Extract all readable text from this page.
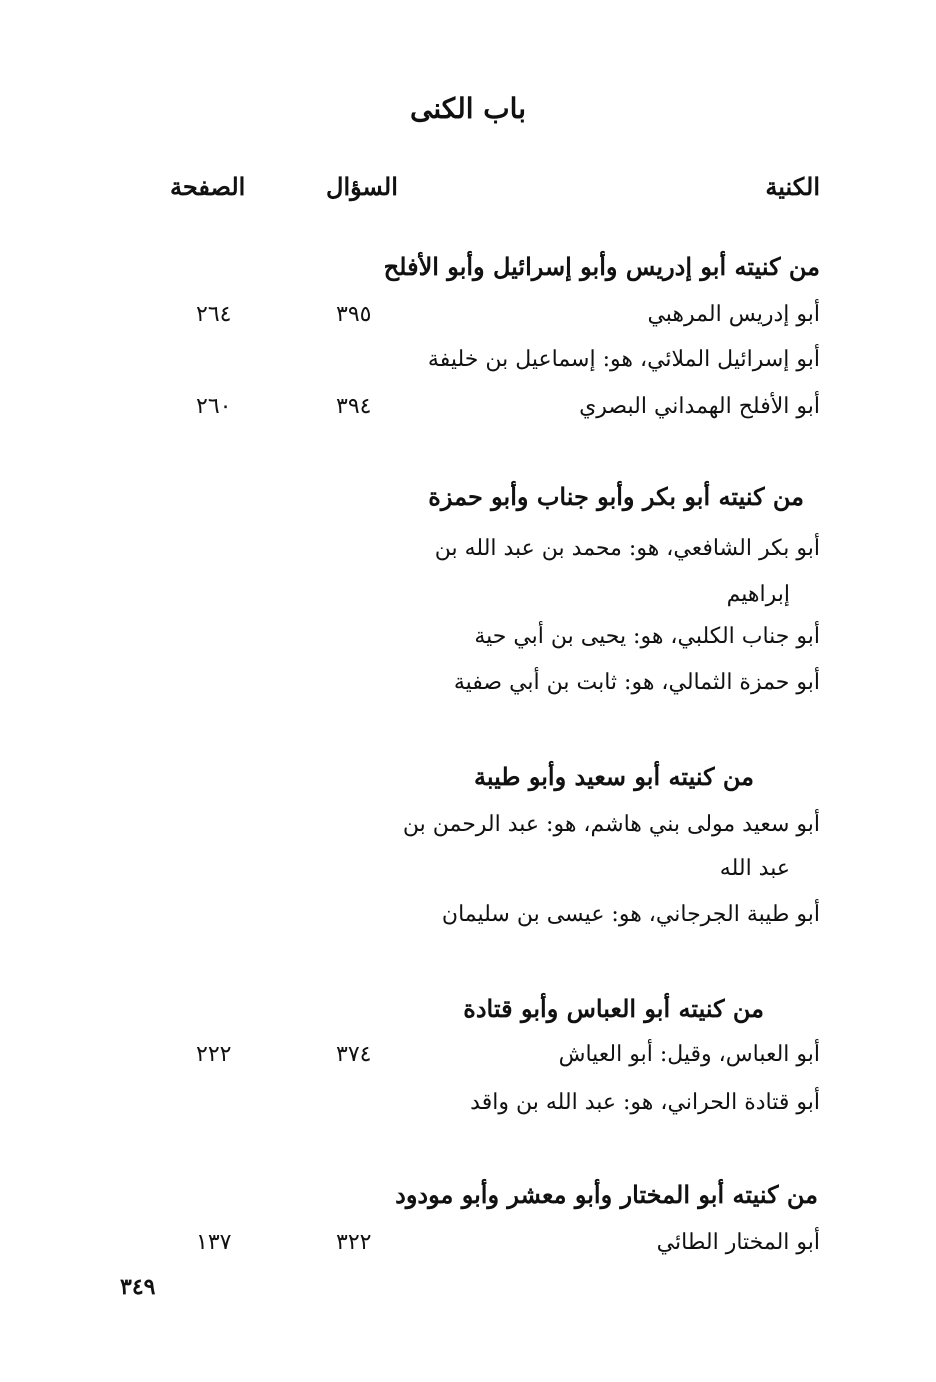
باب الكنى
الكنية
السؤال
الصفحة
من كنيته أبو إدريس وأبو إسرائيل وأبو الأفلح
أبو إدريس المرهبي
٣٩٥
٢٦٤
أبو إسرائيل الملائي، هو: إسماعيل بن خليفة
أبو الأفلح الهمداني البصري
٣٩٤
٢٦٠
من كنيته أبو بكر وأبو جناب وأبو حمزة
أبو بكر الشافعي، هو: محمد بن عبد الله بن
إبراهيم
أبو جناب الكلبي، هو: يحيى بن أبي حية
أبو حمزة الثمالي، هو: ثابت بن أبي صفية
من كنيته أبو سعيد وأبو طيبة
أبو سعيد مولى بني هاشم، هو: عبد الرحمن بن
عبد الله
أبو طيبة الجرجاني، هو: عيسى بن سليمان
من كنيته أبو العباس وأبو قتادة
أبو العباس، وقيل: أبو العياش
٣٧٤
٢٢٢
أبو قتادة الحراني، هو: عبد الله بن واقد
من كنيته أبو المختار وأبو معشر وأبو مودود
أبو المختار الطائي
٣٢٢
١٣٧
٣٤٩
